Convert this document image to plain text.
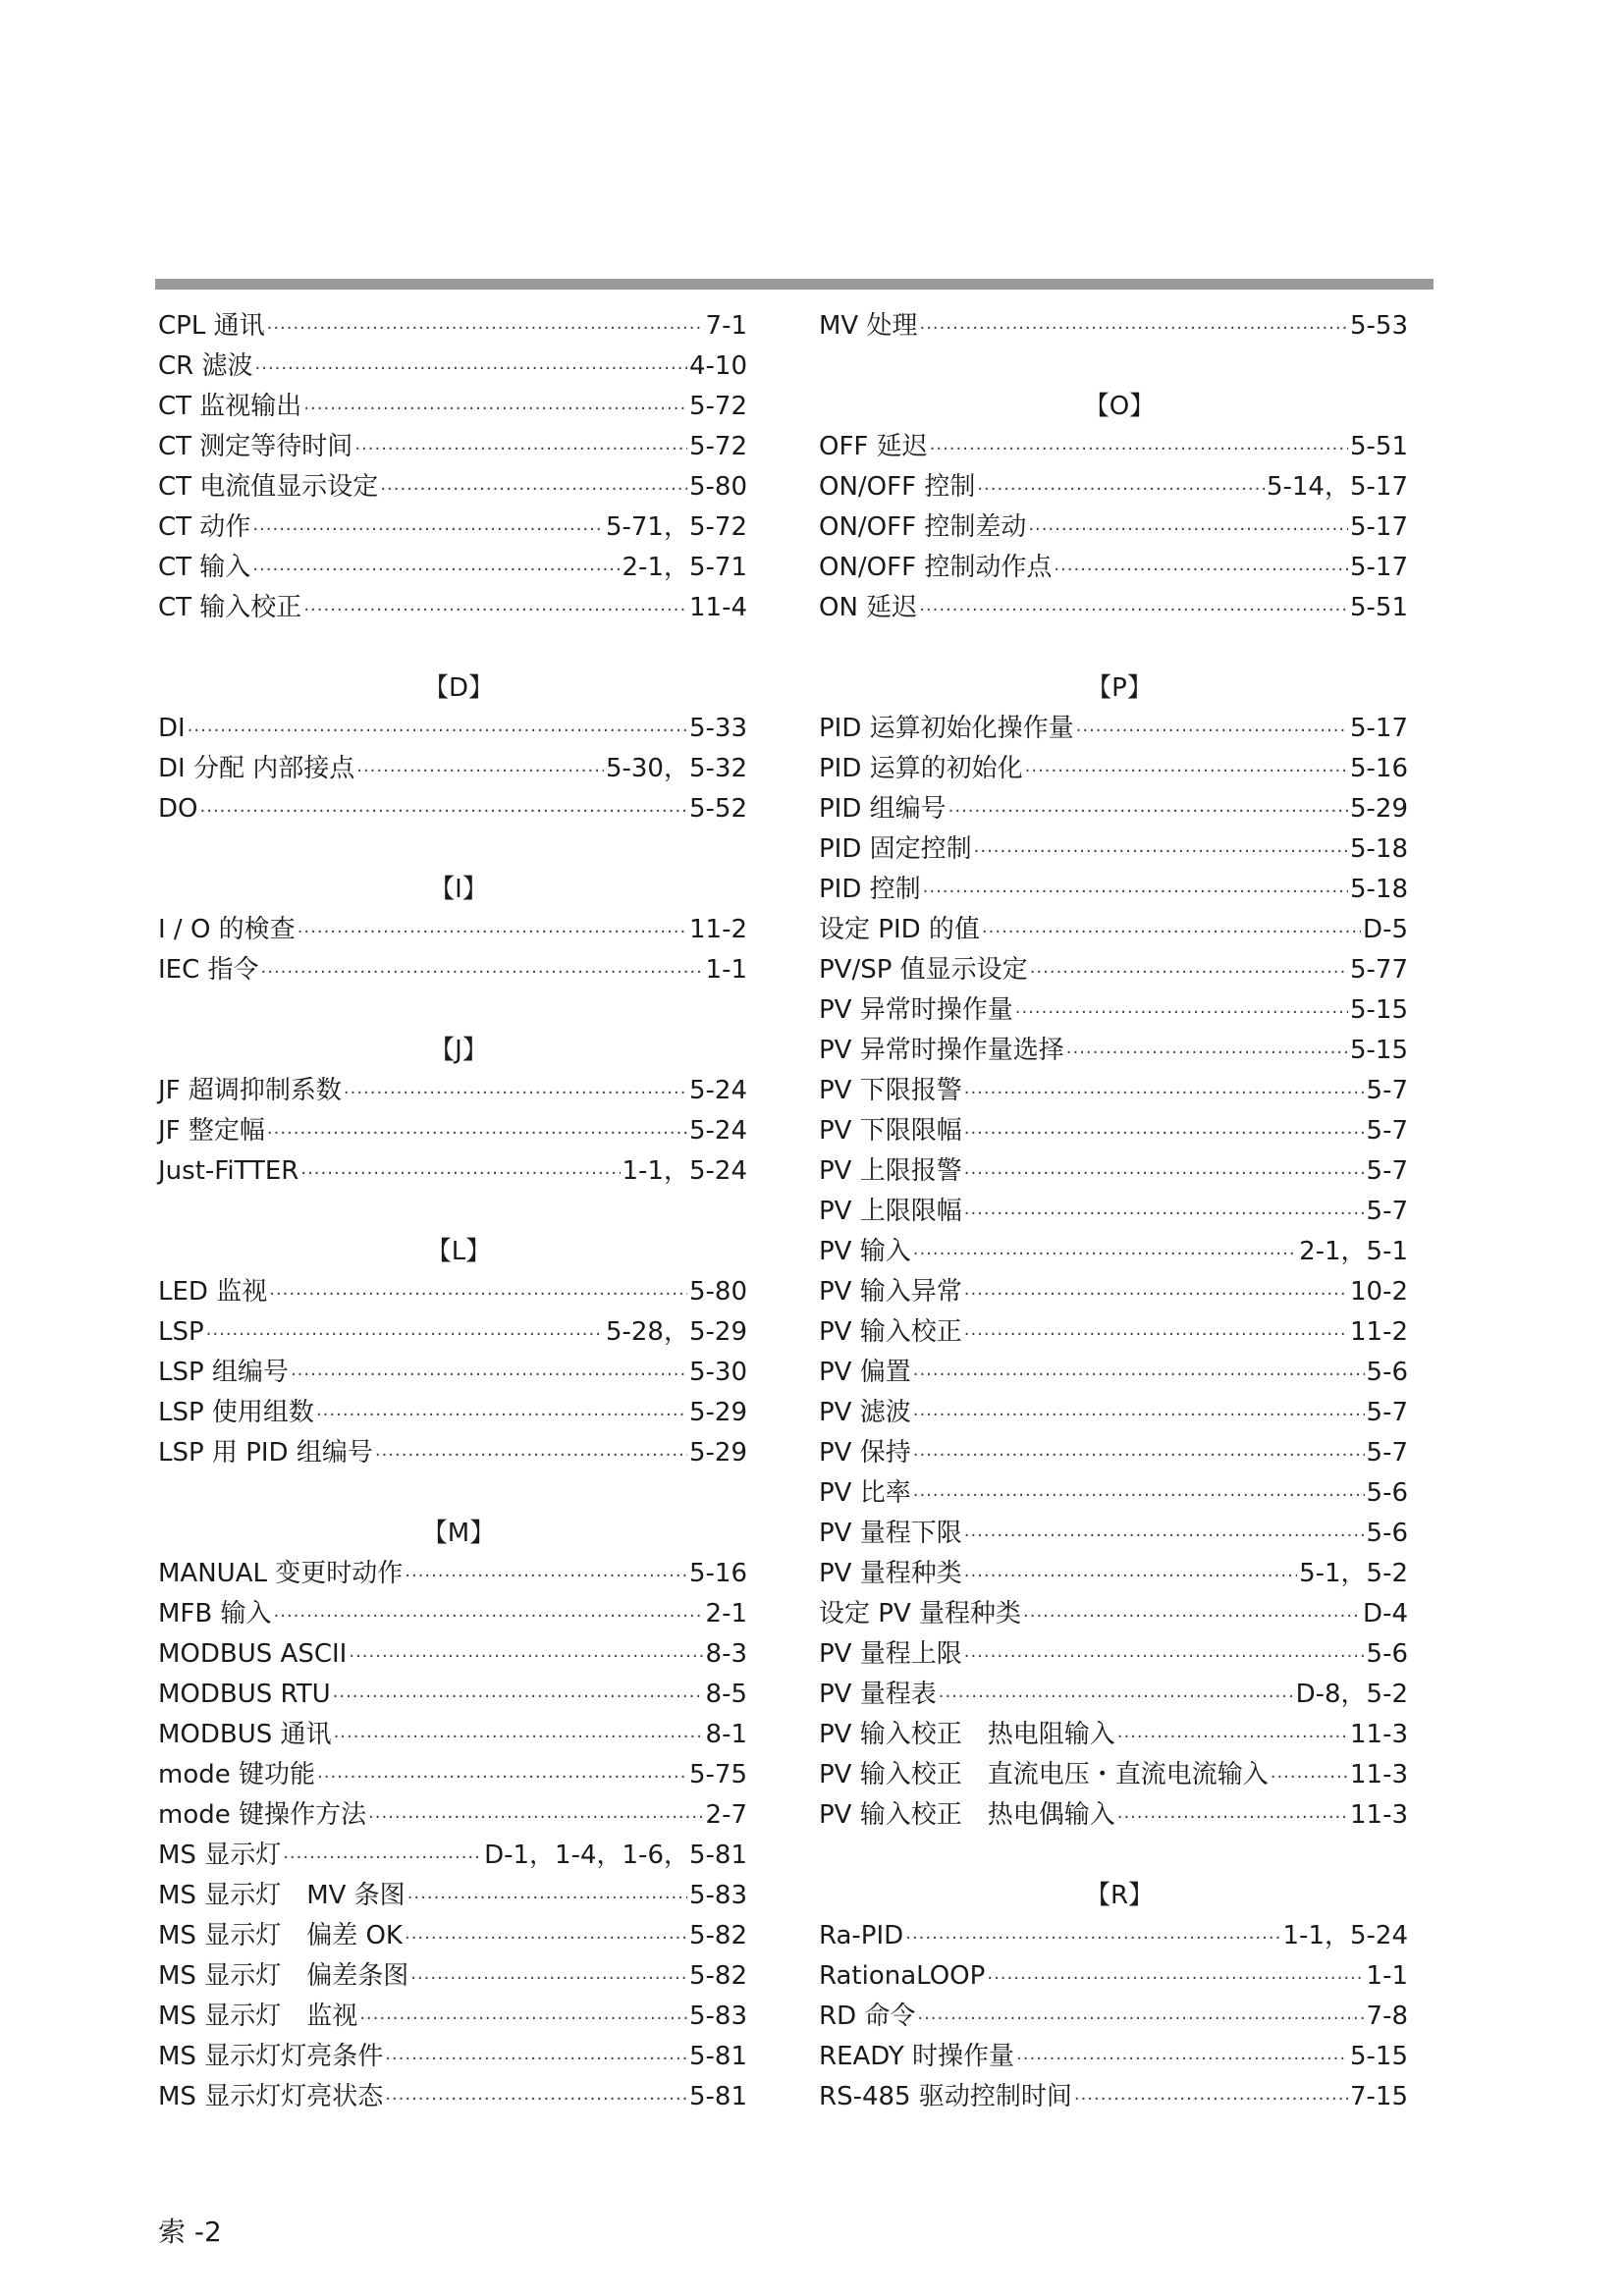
CPL 通讯 ·····	7-1
CR 滤波 ·····	4-10
CT 监视输出 ·····	5-72
CT 测定等待时间 ·····	5-72
CT 电流值显示设定 ·····	5-80
CT 动作 ·····	5-71，5-72
CT 输入 ·····	2-1，5-71
CT 输入校正 ·····	11-4
【D】
DI ·····	5-33
DI 分配 内部接点 ·····	5-30，5-32
DO ·····	5-52
【I】
I / O 的検查 ·····	11-2
IEC 指令 ·····	1-1
【J】
JF 超调抑制系数 ·····	5-24
JF 整定幅 ·····	5-24
Just-FiTTER ·····	1-1，5-24
【L】
LED 监视 ·····	5-80
LSP ·····	5-28，5-29
LSP 组编号 ·····	5-30
LSP 使用组数 ·····	5-29
LSP 用 PID 组编号 ·····	5-29
【M】
MANUAL 变更时动作 ·····	5-16
MFB 输入 ·····	2-1
MODBUS ASCII ·····	8-3
MODBUS RTU ·····	8-5
MODBUS 通讯 ·····	8-1
mode 键功能 ·····	5-75
mode 键操作方法 ·····	2-7
MS 显示灯 ·····	D-1，1-4，1-6，5-81
MS 显示灯　MV 条图 ·····	5-83
MS 显示灯　偏差 OK ·····	5-82
MS 显示灯　偏差条图 ·····	5-82
MS 显示灯　监视 ·····	5-83
MS 显示灯灯亮条件 ·····	5-81
MS 显示灯灯亮状态 ·····	5-81
MV 处理 ·····	5-53
【O】
OFF 延迟 ·····	5-51
ON/OFF 控制 ·····	5-14，5-17
ON/OFF 控制差动 ·····	5-17
ON/OFF 控制动作点 ·····	5-17
ON 延迟 ·····	5-51
【P】
PID 运算初始化操作量 ·····	5-17
PID 运算的初始化 ·····	5-16
PID 组编号 ·····	5-29
PID 固定控制 ·····	5-18
PID 控制 ·····	5-18
设定 PID 的值 ·····	D-5
PV/SP 值显示设定 ·····	5-77
PV 异常时操作量 ·····	5-15
PV 异常时操作量选择 ·····	5-15
PV 下限报警 ·····	5-7
PV 下限限幅 ·····	5-7
PV 上限报警 ·····	5-7
PV 上限限幅 ·····	5-7
PV 输入 ·····	2-1，5-1
PV 输入异常 ·····	10-2
PV 输入校正 ·····	11-2
PV 偏置 ·····	5-6
PV 滤波 ·····	5-7
PV 保持 ·····	5-7
PV 比率 ·····	5-6
PV 量程下限 ·····	5-6
PV 量程种类 ·····	5-1，5-2
设定 PV 量程种类 ·····	D-4
PV 量程上限 ·····	5-6
PV 量程表 ·····	D-8，5-2
PV 输入校正　热电阻输入 ·····	11-3
PV 输入校正　直流电压・直流电流输入 ·····	11-3
PV 输入校正　热电偶输入 ·····	11-3
【R】
Ra-PID ·····	1-1，5-24
RationaLOOP ·····	1-1
RD 命令 ·····	7-8
READY 时操作量 ·····	5-15
RS-485 驱动控制时间 ·····	7-15
索 -2
